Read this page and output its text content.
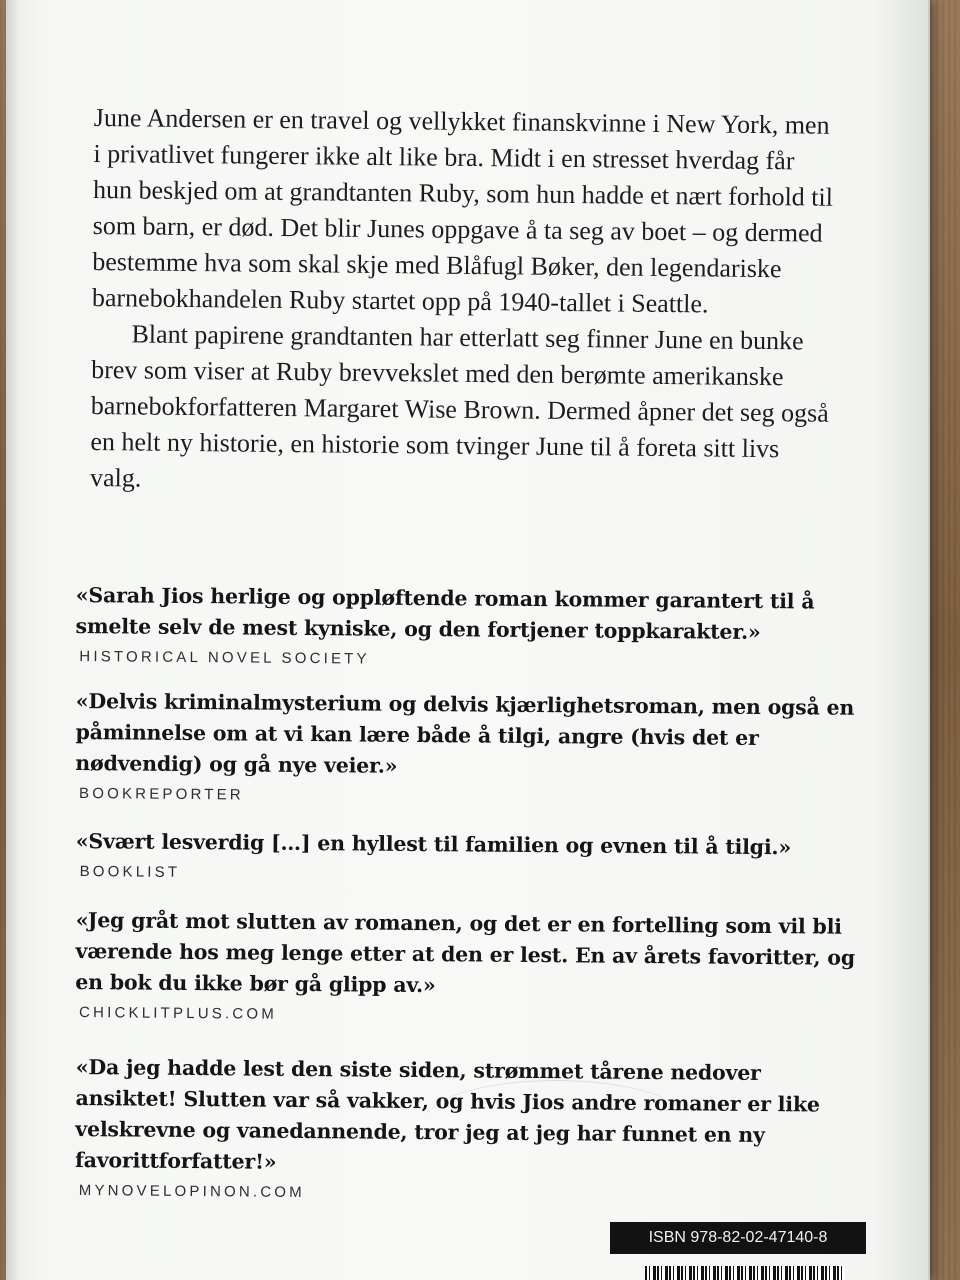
June Andersen er en travel og vellykket finanskvinne i New York, men i privatlivet fungerer ikke alt like bra. Midt i en stresset hverdag får hun beskjed om at grandtanten Ruby, som hun hadde et nært forhold til som barn, er død. Det blir Junes oppgave å ta seg av boet – og dermed bestemme hva som skal skje med Blåfugl Bøker, den legendariske barnebokhandelen Ruby startet opp på 1940-tallet i Seattle.

Blant papirene grandtanten har etterlatt seg finner June en bunke brev som viser at Ruby brevvekslet med den berømte amerikanske barnebokforfatteren Margaret Wise Brown. Dermed åpner det seg også en helt ny historie, en historie som tvinger June til å foreta sitt livs valg.

«Sarah Jios herlige og oppløftende roman kommer garantert til å smelte selv de mest kyniske, og den fortjener toppkarakter.»

HISTORICAL NOVEL SOCIETY

«Delvis kriminalmysterium og delvis kjærlighetsroman, men også en påminnelse om at vi kan lære både å tilgi, angre (hvis det er nødvendig) og gå nye veier.»

BOOKREPORTER

«Svært lesverdig […] en hyllest til familien og evnen til å tilgi.»

BOOKLIST

«Jeg gråt mot slutten av romanen, og det er en fortelling som vil bli værende hos meg lenge etter at den er lest. En av årets favoritter, og en bok du ikke bør gå glipp av.»

CHICKLITPLUS.COM

«Da jeg hadde lest den siste siden, strømmet tårene nedover ansiktet! Slutten var så vakker, og hvis Jios andre romaner er like velskrevne og vanedannende, tror jeg at jeg har funnet en ny favorittforfatter!»

MYNOVELOPINON.COM
ISBN 978-82-02-47140-8
